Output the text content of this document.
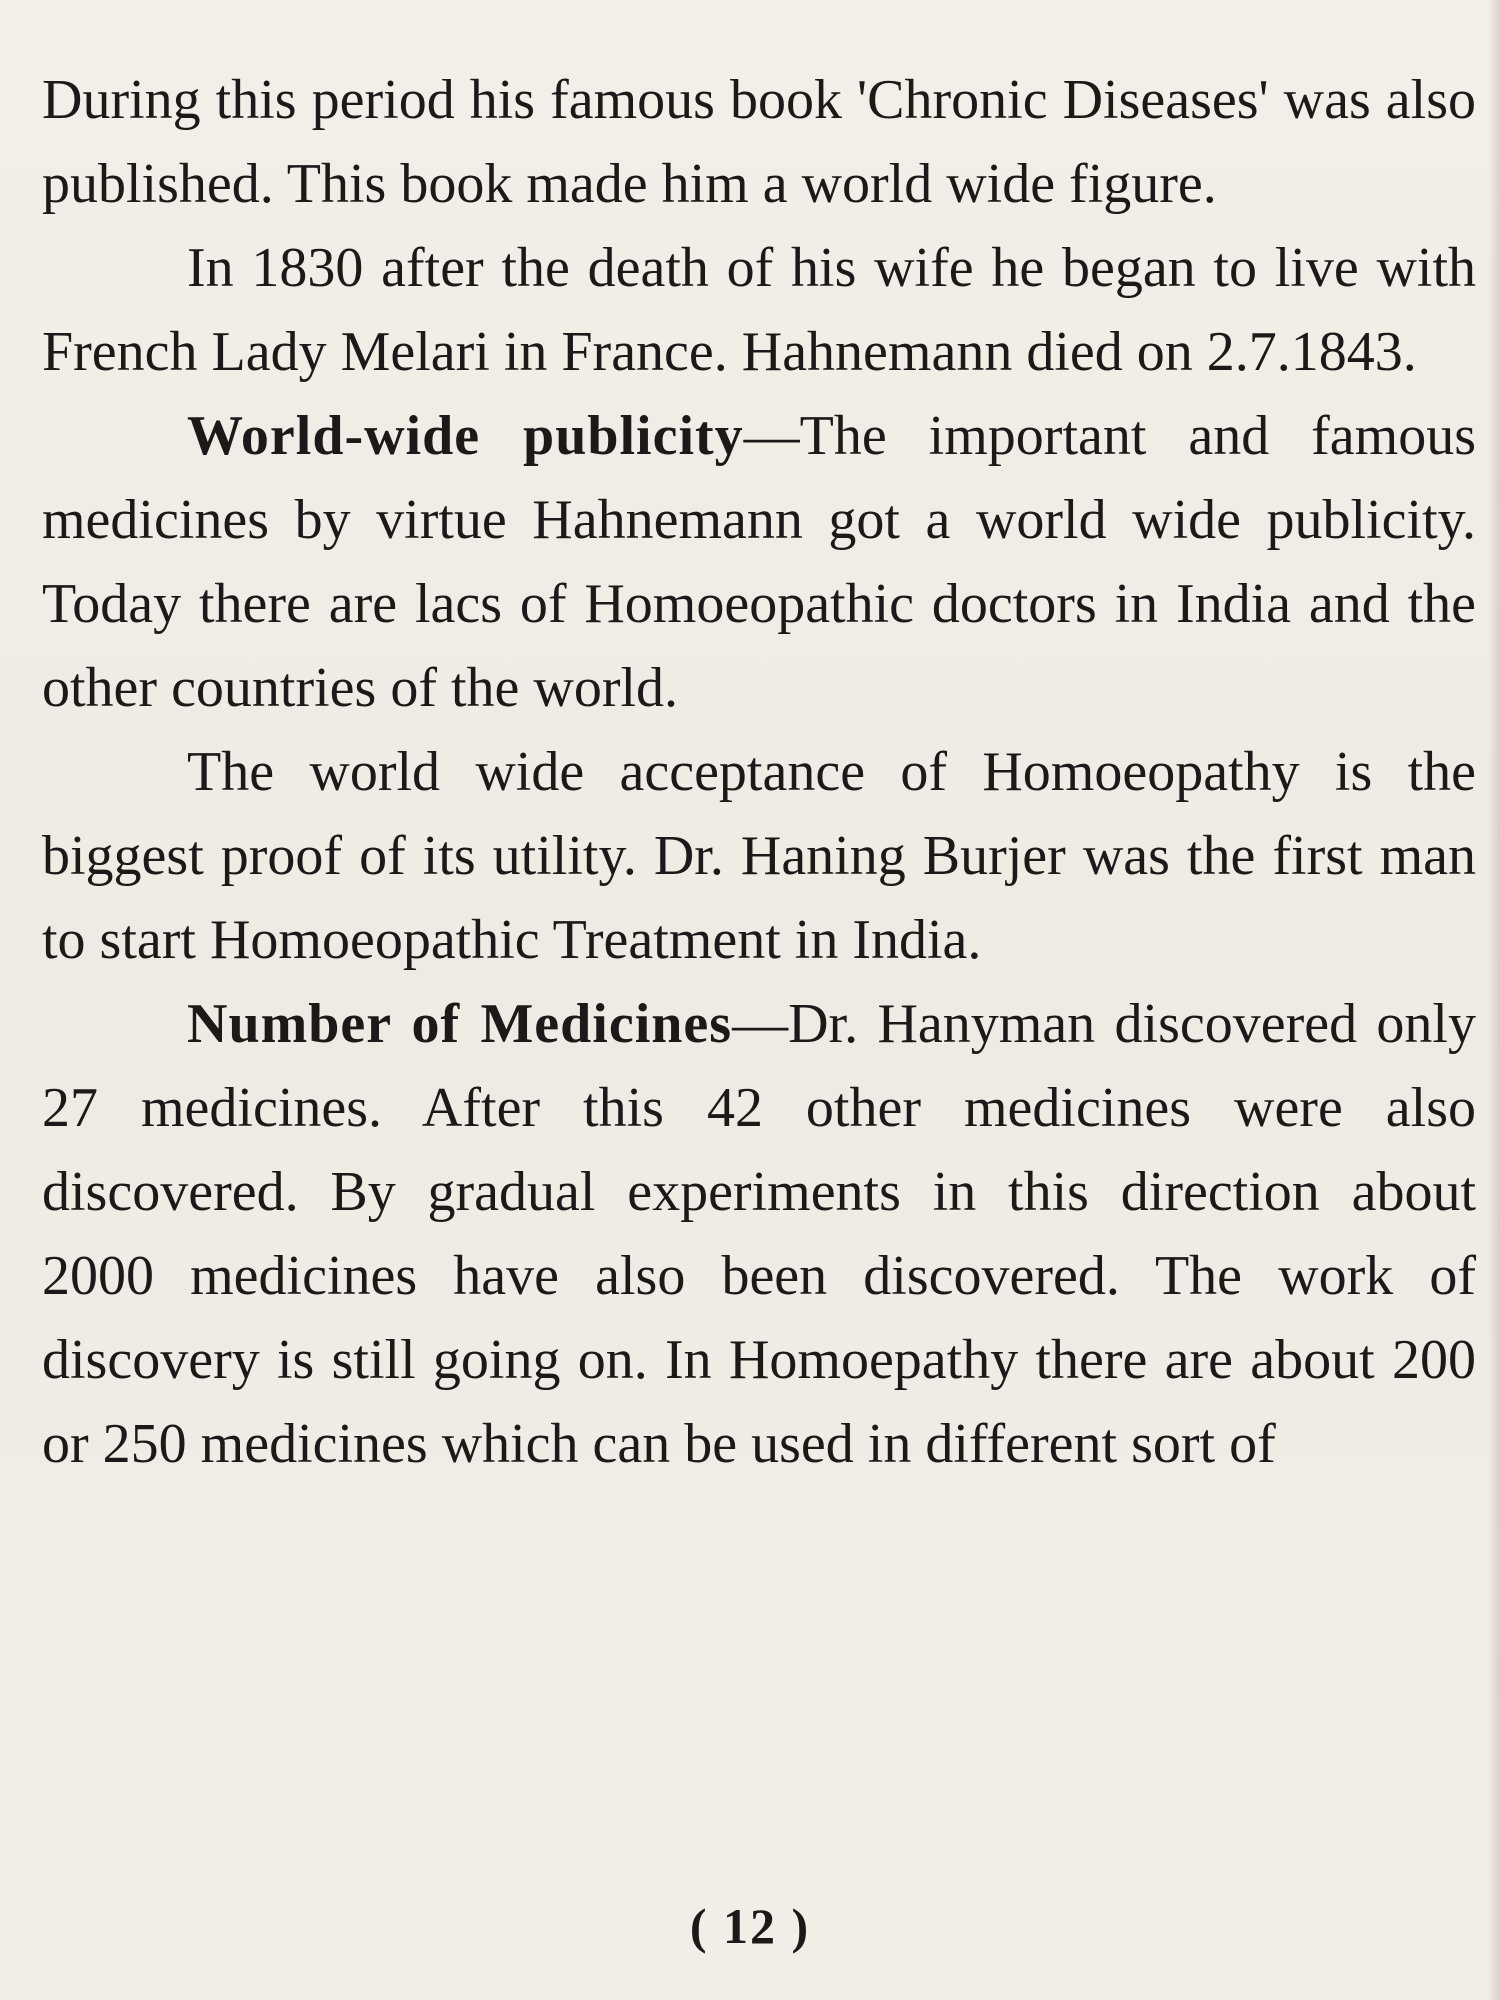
During this period his famous book 'Chronic Diseases' was also published. This book made him a world wide figure.

In 1830 after the death of his wife he began to live with French Lady Melari in France. Hahnemann died on 2.7.1843.

World-wide publicity—The important and famous medicines by virtue Hahnemann got a world wide publicity. Today there are lacs of Homoeopathic doctors in India and the other countries of the world.

The world wide acceptance of Homoeopathy is the biggest proof of its utility. Dr. Haning Burjer was the first man to start Homoeopathic Treatment in India.

Number of Medicines—Dr. Hanyman discovered only 27 medicines. After this 42 other medicines were also discovered. By gradual experiments in this direction about 2000 medicines have also been discovered. The work of discovery is still going on. In Homoepathy there are about 200 or 250 medicines which can be used in different sort of

( 12 )
